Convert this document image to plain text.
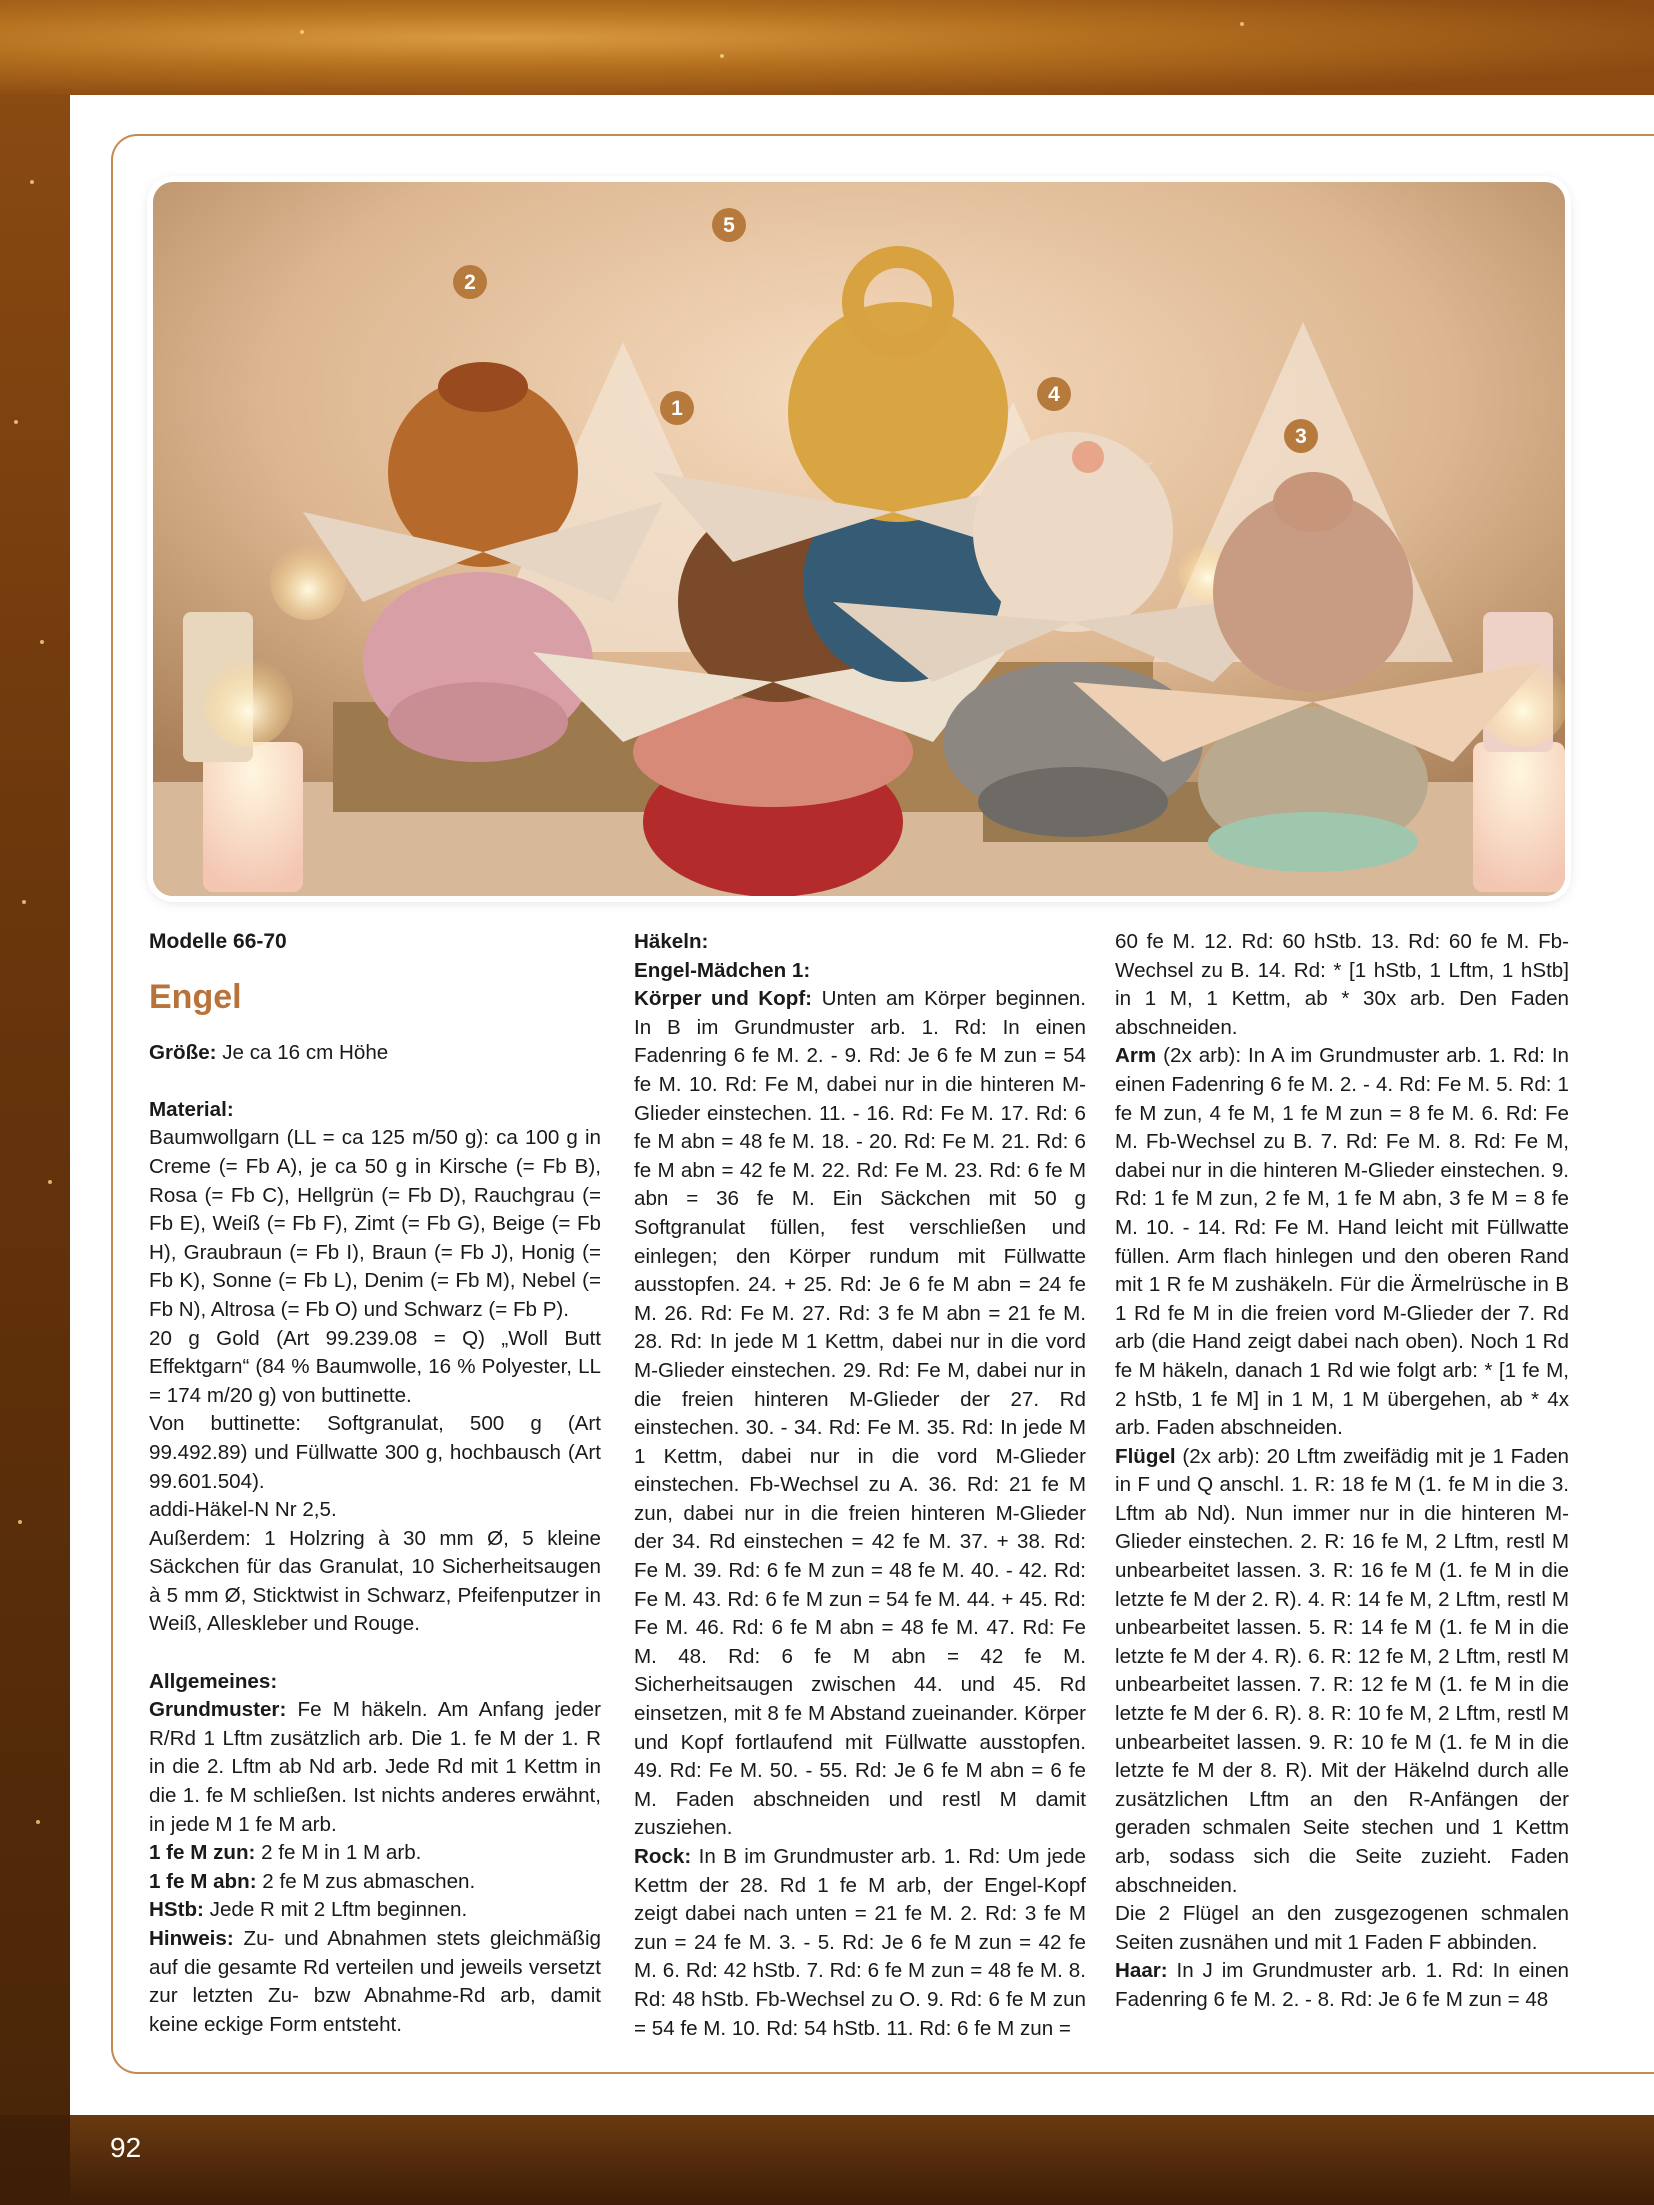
1
2
3
4
5

Modelle 66-70

Engel

Größe: Je ca 16 cm Höhe

Material:

Baumwollgarn (LL = ca 125 m/50 g): ca 100 g in Creme (= Fb A), je ca 50 g in Kirsche (= Fb B), Rosa (= Fb C), Hellgrün (= Fb D), Rauchgrau (= Fb E), Weiß (= Fb F), Zimt (= Fb G), Beige (= Fb H), Graubraun (= Fb I), Braun (= Fb J), Honig (= Fb K), Sonne (= Fb L), Denim (= Fb M), Nebel (= Fb N), Altrosa (= Fb O) und Schwarz (= Fb P).

20 g Gold (Art 99.239.08 = Q) „Woll Butt Effektgarn“ (84 % Baumwolle, 16 % Polyester, LL = 174 m/20 g) von buttinette.

Von buttinette: Softgranulat, 500 g (Art 99.492.89) und Füllwatte 300 g, hochbausch (Art 99.601.504).

addi-Häkel-N Nr 2,5.

Außerdem: 1 Holzring à 30 mm Ø, 5 kleine Säckchen für das Granulat, 10 Sicherheitsaugen à 5 mm Ø, Sticktwist in Schwarz, Pfeifenputzer in Weiß, Alleskleber und Rouge.

Allgemeines:

Grundmuster: Fe M häkeln. Am Anfang jeder R/Rd 1 Lftm zusätzlich arb. Die 1. fe M der 1. R in die 2. Lftm ab Nd arb. Jede Rd mit 1 Kettm in die 1. fe M schließen. Ist nichts anderes erwähnt, in jede M 1 fe M arb.

1 fe M zun: 2 fe M in 1 M arb.

1 fe M abn: 2 fe M zus abmaschen.

HStb: Jede R mit 2 Lftm beginnen.

Hinweis: Zu- und Abnahmen stets gleichmäßig auf die gesamte Rd verteilen und jeweils versetzt zur letzten Zu- bzw Abnahme-Rd arb, damit keine eckige Form entsteht.

Häkeln:

Engel-Mädchen 1:

Körper und Kopf: Unten am Körper beginnen. In B im Grundmuster arb. 1. Rd: In einen Fadenring 6 fe M. 2. - 9. Rd: Je 6 fe M zun = 54 fe M. 10. Rd: Fe M, dabei nur in die hinteren M-Glieder einstechen. 11. - 16. Rd: Fe M. 17. Rd: 6 fe M abn = 48 fe M. 18. - 20. Rd: Fe M. 21. Rd: 6 fe M abn = 42 fe M. 22. Rd: Fe M. 23. Rd: 6 fe M abn = 36 fe M. Ein Säckchen mit 50 g Softgranulat füllen, fest verschließen und einlegen; den Körper rundum mit Füllwatte ausstopfen. 24. + 25. Rd: Je 6 fe M abn = 24 fe M. 26. Rd: Fe M. 27. Rd: 3 fe M abn = 21 fe M. 28. Rd: In jede M 1 Kettm, dabei nur in die vord M-Glieder einstechen. 29. Rd: Fe M, dabei nur in die freien hinteren M-Glieder der 27. Rd einstechen. 30. - 34. Rd: Fe M. 35. Rd: In jede M 1 Kettm, dabei nur in die vord M-Glieder einstechen. Fb-Wechsel zu A. 36. Rd: 21 fe M zun, dabei nur in die freien hinteren M-Glieder der 34. Rd einstechen = 42 fe M. 37. + 38. Rd: Fe M. 39. Rd: 6 fe M zun = 48 fe M. 40. - 42. Rd: Fe M. 43. Rd: 6 fe M zun = 54 fe M. 44. + 45. Rd: Fe M. 46. Rd: 6 fe M abn = 48 fe M. 47. Rd: Fe M. 48. Rd: 6 fe M abn = 42 fe M. Sicherheitsaugen zwischen 44. und 45. Rd einsetzen, mit 8 fe M Abstand zueinander. Körper und Kopf fortlaufend mit Füllwatte ausstopfen. 49. Rd: Fe M. 50. - 55. Rd: Je 6 fe M abn = 6 fe M. Faden abschneiden und restl M damit zusziehen.

Rock: In B im Grundmuster arb. 1. Rd: Um jede Kettm der 28. Rd 1 fe M arb, der Engel-Kopf zeigt dabei nach unten = 21 fe M. 2. Rd: 3 fe M zun = 24 fe M. 3. - 5. Rd: Je 6 fe M zun = 42 fe M. 6. Rd: 42 hStb. 7. Rd: 6 fe M zun = 48 fe M. 8. Rd: 48 hStb. Fb-Wechsel zu O. 9. Rd: 6 fe M zun = 54 fe M. 10. Rd: 54 hStb. 11. Rd: 6 fe M zun =

60 fe M. 12. Rd: 60 hStb. 13. Rd: 60 fe M. Fb-Wechsel zu B. 14. Rd: * [1 hStb, 1 Lftm, 1 hStb] in 1 M, 1 Kettm, ab * 30x arb. Den Faden abschneiden.

Arm (2x arb): In A im Grundmuster arb. 1. Rd: In einen Fadenring 6 fe M. 2. - 4. Rd: Fe M. 5. Rd: 1 fe M zun, 4 fe M, 1 fe M zun = 8 fe M. 6. Rd: Fe M. Fb-Wechsel zu B. 7. Rd: Fe M. 8. Rd: Fe M, dabei nur in die hinteren M-Glieder einstechen. 9. Rd: 1 fe M zun, 2 fe M, 1 fe M abn, 3 fe M = 8 fe M. 10. - 14. Rd: Fe M. Hand leicht mit Füllwatte füllen. Arm flach hinlegen und den oberen Rand mit 1 R fe M zushäkeln. Für die Ärmelrüsche in B 1 Rd fe M in die freien vord M-Glieder der 7. Rd arb (die Hand zeigt dabei nach oben). Noch 1 Rd fe M häkeln, danach 1 Rd wie folgt arb: * [1 fe M, 2 hStb, 1 fe M] in 1 M, 1 M übergehen, ab * 4x arb. Faden abschneiden.

Flügel (2x arb): 20 Lftm zweifädig mit je 1 Faden in F und Q anschl. 1. R: 18 fe M (1. fe M in die 3. Lftm ab Nd). Nun immer nur in die hinteren M-Glieder einstechen. 2. R: 16 fe M, 2 Lftm, restl M unbearbeitet lassen. 3. R: 16 fe M (1. fe M in die letzte fe M der 2. R). 4. R: 14 fe M, 2 Lftm, restl M unbearbeitet lassen. 5. R: 14 fe M (1. fe M in die letzte fe M der 4. R). 6. R: 12 fe M, 2 Lftm, restl M unbearbeitet lassen. 7. R: 12 fe M (1. fe M in die letzte fe M der 6. R). 8. R: 10 fe M, 2 Lftm, restl M unbearbeitet lassen. 9. R: 10 fe M (1. fe M in die letzte fe M der 8. R). Mit der Häkelnd durch alle zusätzlichen Lftm an den R-Anfängen der geraden schmalen Seite stechen und 1 Kettm arb, sodass sich die Seite zuzieht. Faden abschneiden.

Die 2 Flügel an den zusgezogenen schmalen Seiten zusnähen und mit 1 Faden F abbinden.

Haar: In J im Grundmuster arb. 1. Rd: In einen Fadenring 6 fe M. 2. - 8. Rd: Je 6 fe M zun = 48

92
